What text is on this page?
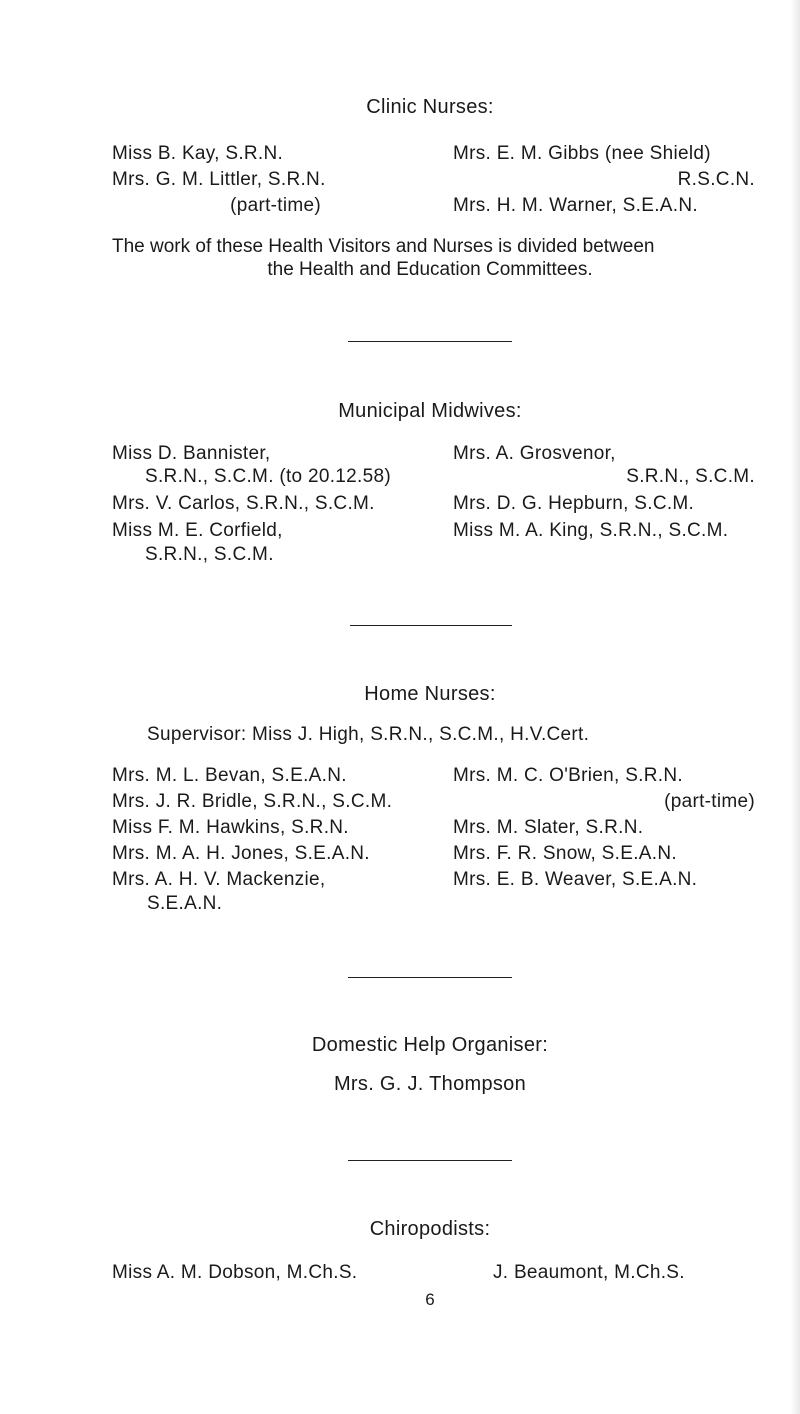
Clinic Nurses:
Miss B. Kay, S.R.N.
Mrs. G. M. Littler, S.R.N.
(part-time)
Mrs. E. M. Gibbs (nee Shield)
R.S.C.N.
Mrs. H. M. Warner, S.E.A.N.
The work of these Health Visitors and Nurses is divided between
the Health and Education Committees.
Municipal Midwives:
Miss D. Bannister,
S.R.N., S.C.M. (to 20.12.58)
Mrs. V. Carlos, S.R.N., S.C.M.
Miss M. E. Corfield,
S.R.N., S.C.M.
Mrs. A. Grosvenor,
S.R.N., S.C.M.
Mrs. D. G. Hepburn, S.C.M.
Miss M. A. King, S.R.N., S.C.M.
Home Nurses:
Supervisor: Miss J. High, S.R.N., S.C.M., H.V.Cert.
Mrs. M. L. Bevan, S.E.A.N.
Mrs. J. R. Bridle, S.R.N., S.C.M.
Miss F. M. Hawkins, S.R.N.
Mrs. M. A. H. Jones, S.E.A.N.
Mrs. A. H. V. Mackenzie,
S.E.A.N.
Mrs. M. C. O'Brien, S.R.N.
(part-time)
Mrs. M. Slater, S.R.N.
Mrs. F. R. Snow, S.E.A.N.
Mrs. E. B. Weaver, S.E.A.N.
Domestic Help Organiser:
Mrs. G. J. Thompson
Chiropodists:
Miss A. M. Dobson, M.Ch.S.	J. Beaumont, M.Ch.S.
6
